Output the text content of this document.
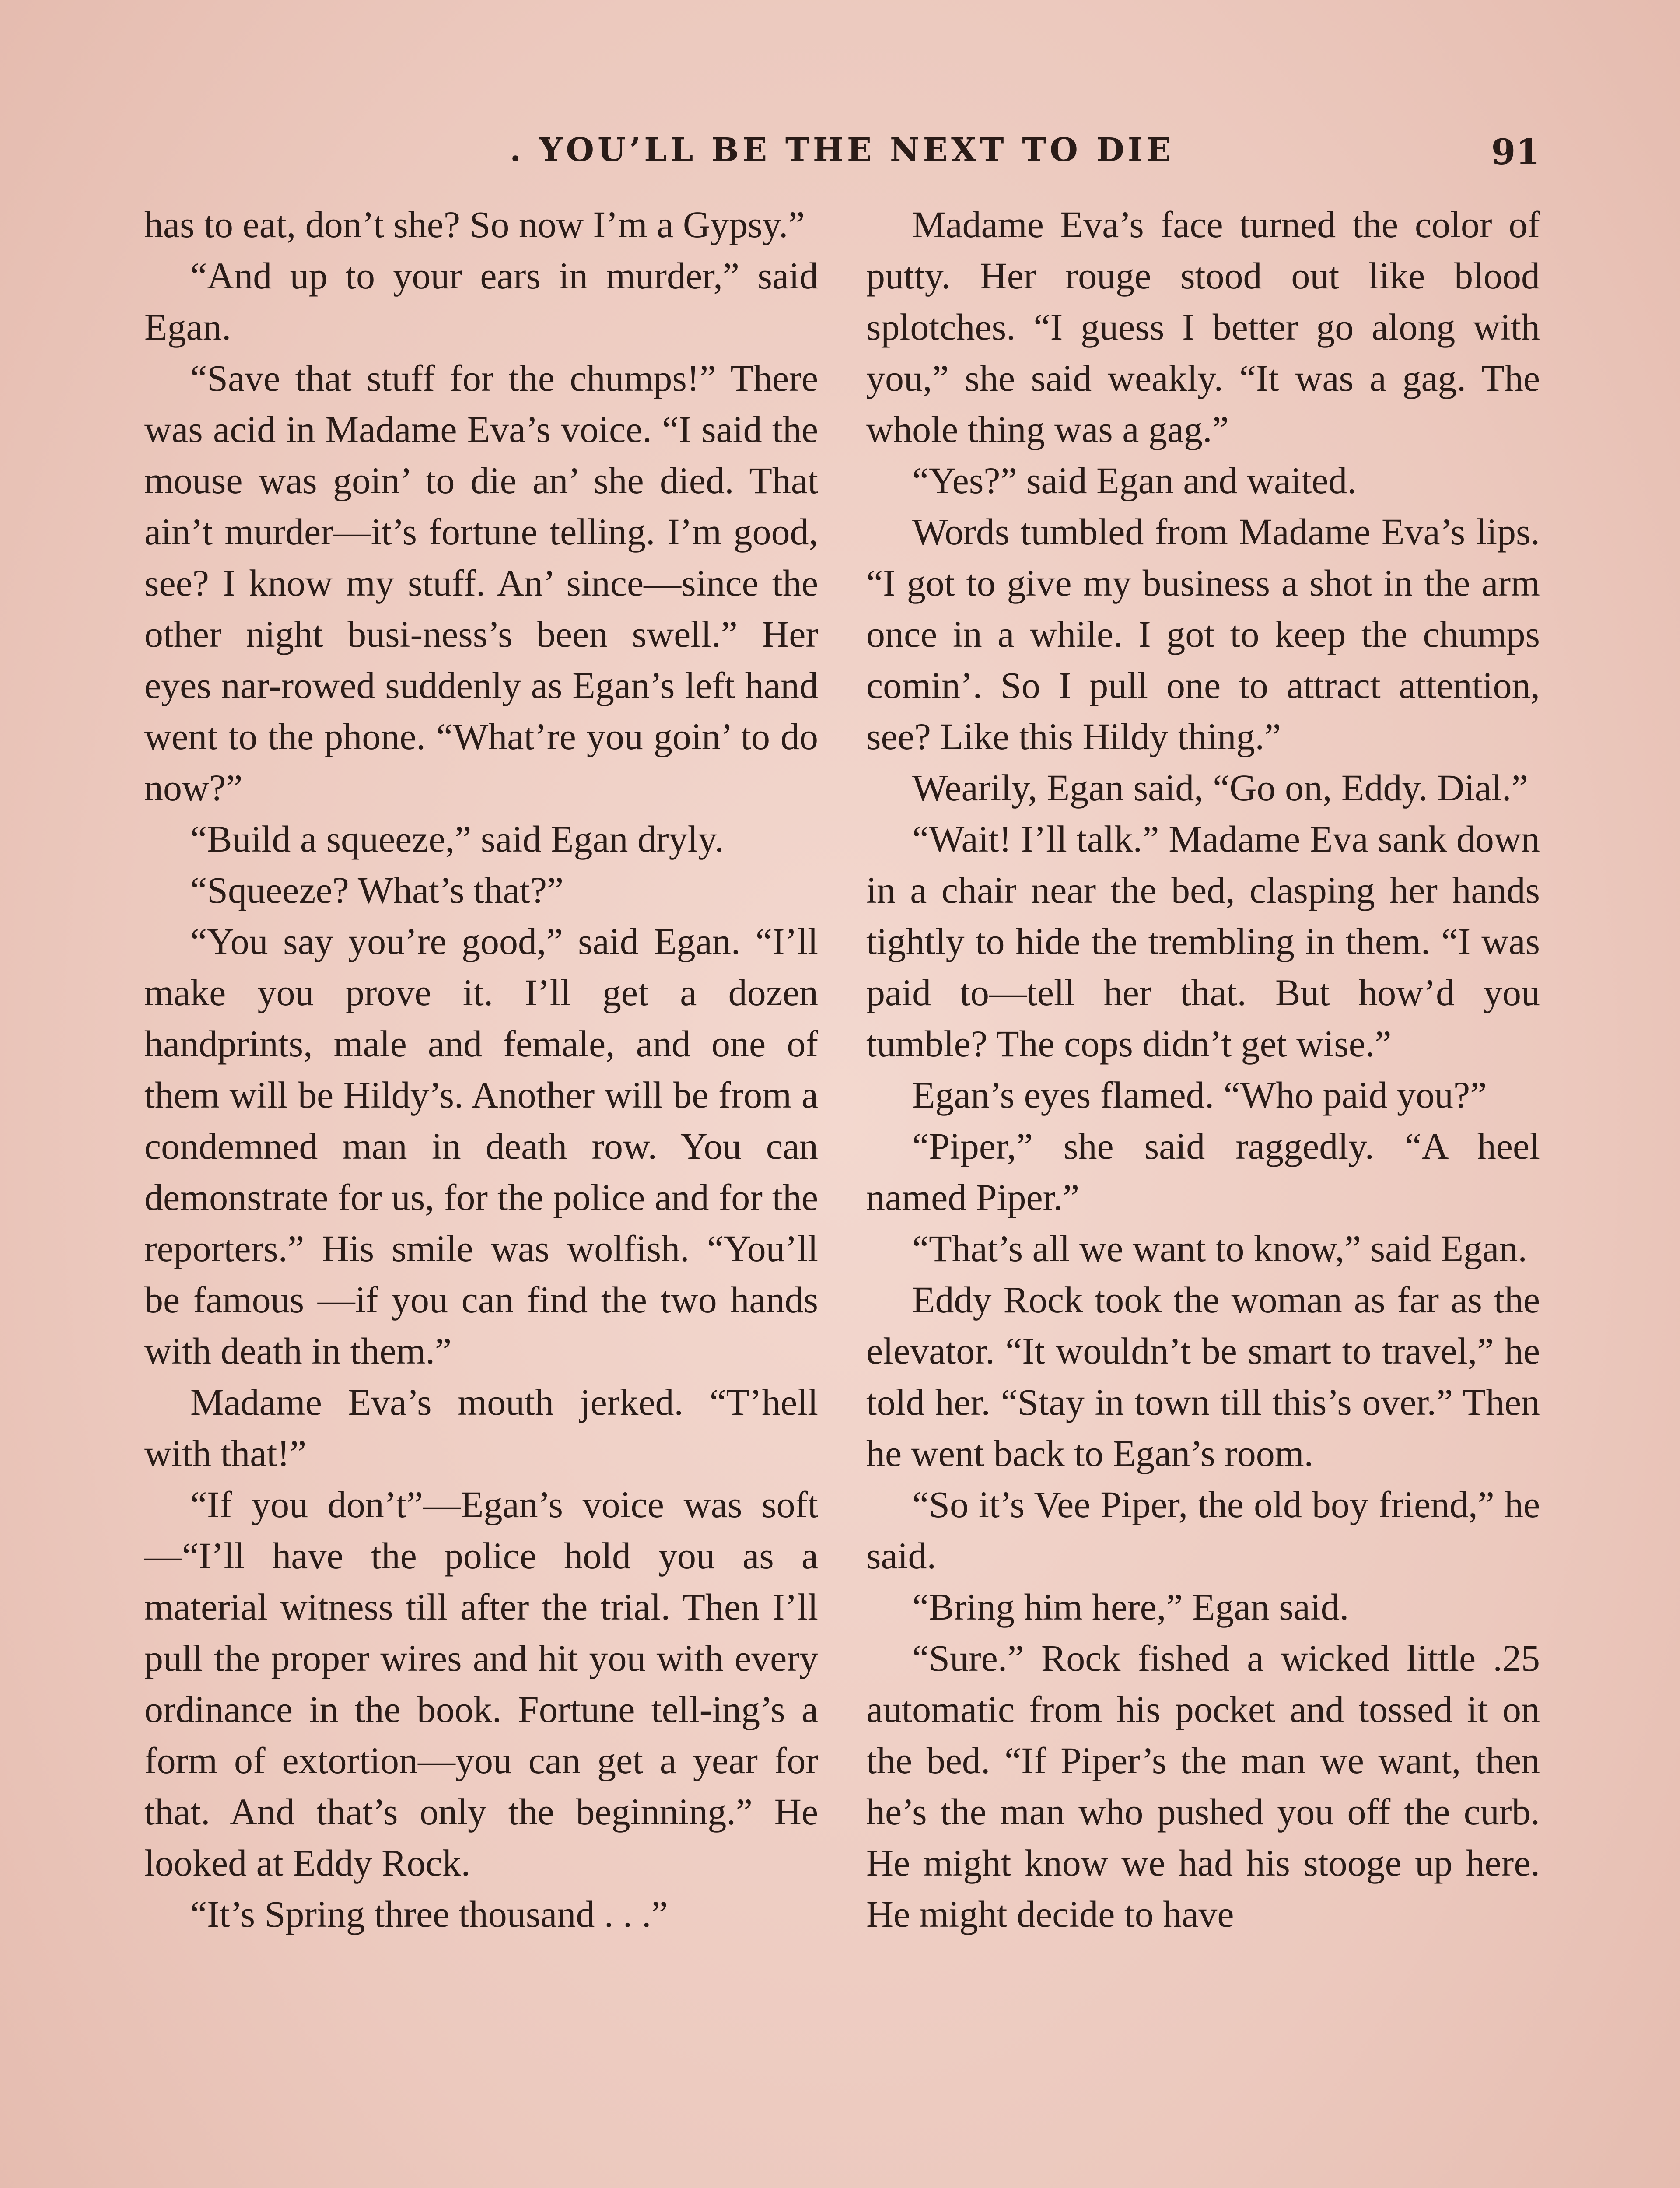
. YOU’LL BE THE NEXT TO DIE	91

has to eat, don’t she? So now I’m a Gypsy.”

“And up to your ears in murder,” said Egan.

“Save that stuff for the chumps!” There was acid in Madame Eva’s voice. “I said the mouse was goin’ to die an’ she died. That ain’t murder—it’s fortune telling. I’m good, see? I know my stuff. An’ since—since the other night busi-ness’s been swell.” Her eyes nar-rowed suddenly as Egan’s left hand went to the phone. “What’re you goin’ to do now?”

“Build a squeeze,” said Egan dryly.

“Squeeze? What’s that?”

“You say you’re good,” said Egan. “I’ll make you prove it. I’ll get a dozen handprints, male and female, and one of them will be Hildy’s. Another will be from a condemned man in death row. You can demonstrate for us, for the police and for the reporters.” His smile was wolfish. “You’ll be famous —if you can find the two hands with death in them.”

Madame Eva’s mouth jerked. “T’hell with that!”

“If you don’t”—Egan’s voice was soft—“I’ll have the police hold you as a material witness till after the trial. Then I’ll pull the proper wires and hit you with every ordinance in the book. Fortune tell-ing’s a form of extortion—you can get a year for that. And that’s only the beginning.” He looked at Eddy Rock.

“It’s Spring three thousand . . .”

Madame Eva’s face turned the color of putty. Her rouge stood out like blood splotches. “I guess I better go along with you,” she said weakly. “It was a gag. The whole thing was a gag.”

“Yes?” said Egan and waited.

Words tumbled from Madame Eva’s lips. “I got to give my business a shot in the arm once in a while. I got to keep the chumps comin’. So I pull one to attract attention, see? Like this Hildy thing.”

Wearily, Egan said, “Go on, Eddy. Dial.”

“Wait! I’ll talk.” Madame Eva sank down in a chair near the bed, clasping her hands tightly to hide the trembling in them. “I was paid to—tell her that. But how’d you tumble? The cops didn’t get wise.”

Egan’s eyes flamed. “Who paid you?”

“Piper,” she said raggedly. “A heel named Piper.”

“That’s all we want to know,” said Egan.

Eddy Rock took the woman as far as the elevator. “It wouldn’t be smart to travel,” he told her. “Stay in town till this’s over.” Then he went back to Egan’s room.

“So it’s Vee Piper, the old boy friend,” he said.

“Bring him here,” Egan said.

“Sure.” Rock fished a wicked little .25 automatic from his pocket and tossed it on the bed. “If Piper’s the man we want, then he’s the man who pushed you off the curb. He might know we had his stooge up here. He might decide to have
